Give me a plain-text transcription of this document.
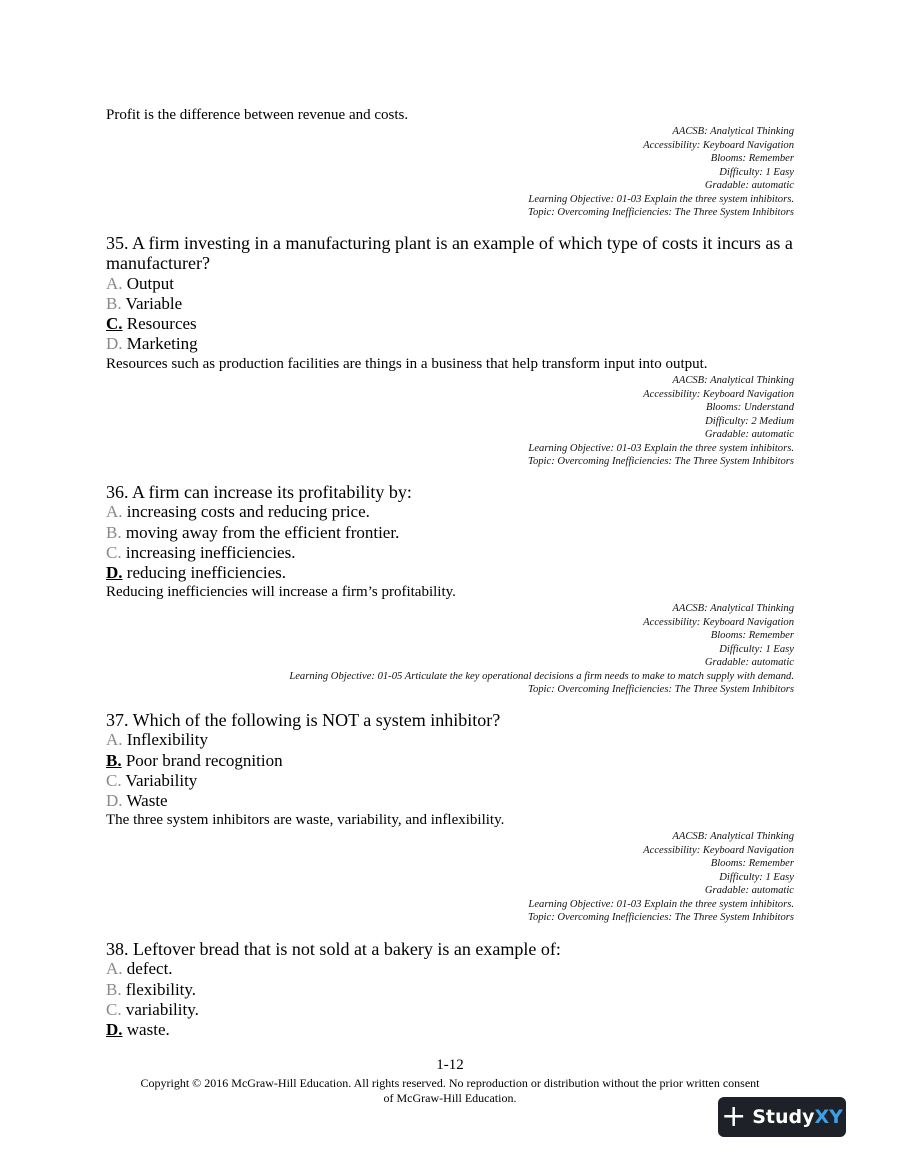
Profit is the difference between revenue and costs.
AACSB: Analytical Thinking
Accessibility: Keyboard Navigation
Blooms: Remember
Difficulty: 1 Easy
Gradable: automatic
Learning Objective: 01-03 Explain the three system inhibitors.
Topic: Overcoming Inefficiencies: The Three System Inhibitors
35. A firm investing in a manufacturing plant is an example of which type of costs it incurs as a
manufacturer?
A. Output
B. Variable
C. Resources
D. Marketing
Resources such as production facilities are things in a business that help transform input into output.
AACSB: Analytical Thinking
Accessibility: Keyboard Navigation
Blooms: Understand
Difficulty: 2 Medium
Gradable: automatic
Learning Objective: 01-03 Explain the three system inhibitors.
Topic: Overcoming Inefficiencies: The Three System Inhibitors
36. A firm can increase its profitability by:
A. increasing costs and reducing price.
B. moving away from the efficient frontier.
C. increasing inefficiencies.
D. reducing inefficiencies.
Reducing inefficiencies will increase a firm’s profitability.
AACSB: Analytical Thinking
Accessibility: Keyboard Navigation
Blooms: Remember
Difficulty: 1 Easy
Gradable: automatic
Learning Objective: 01-05 Articulate the key operational decisions a firm needs to make to match supply with demand.
Topic: Overcoming Inefficiencies: The Three System Inhibitors
37. Which of the following is NOT a system inhibitor?
A. Inflexibility
B. Poor brand recognition
C. Variability
D. Waste
The three system inhibitors are waste, variability, and inflexibility.
AACSB: Analytical Thinking
Accessibility: Keyboard Navigation
Blooms: Remember
Difficulty: 1 Easy
Gradable: automatic
Learning Objective: 01-03 Explain the three system inhibitors.
Topic: Overcoming Inefficiencies: The Three System Inhibitors
38. Leftover bread that is not sold at a bakery is an example of:
A. defect.
B. flexibility.
C. variability.
D. waste.
1-12
Copyright © 2016 McGraw-Hill Education. All rights reserved. No reproduction or distribution without the prior written consent
of McGraw-Hill Education.
+ Study XY
